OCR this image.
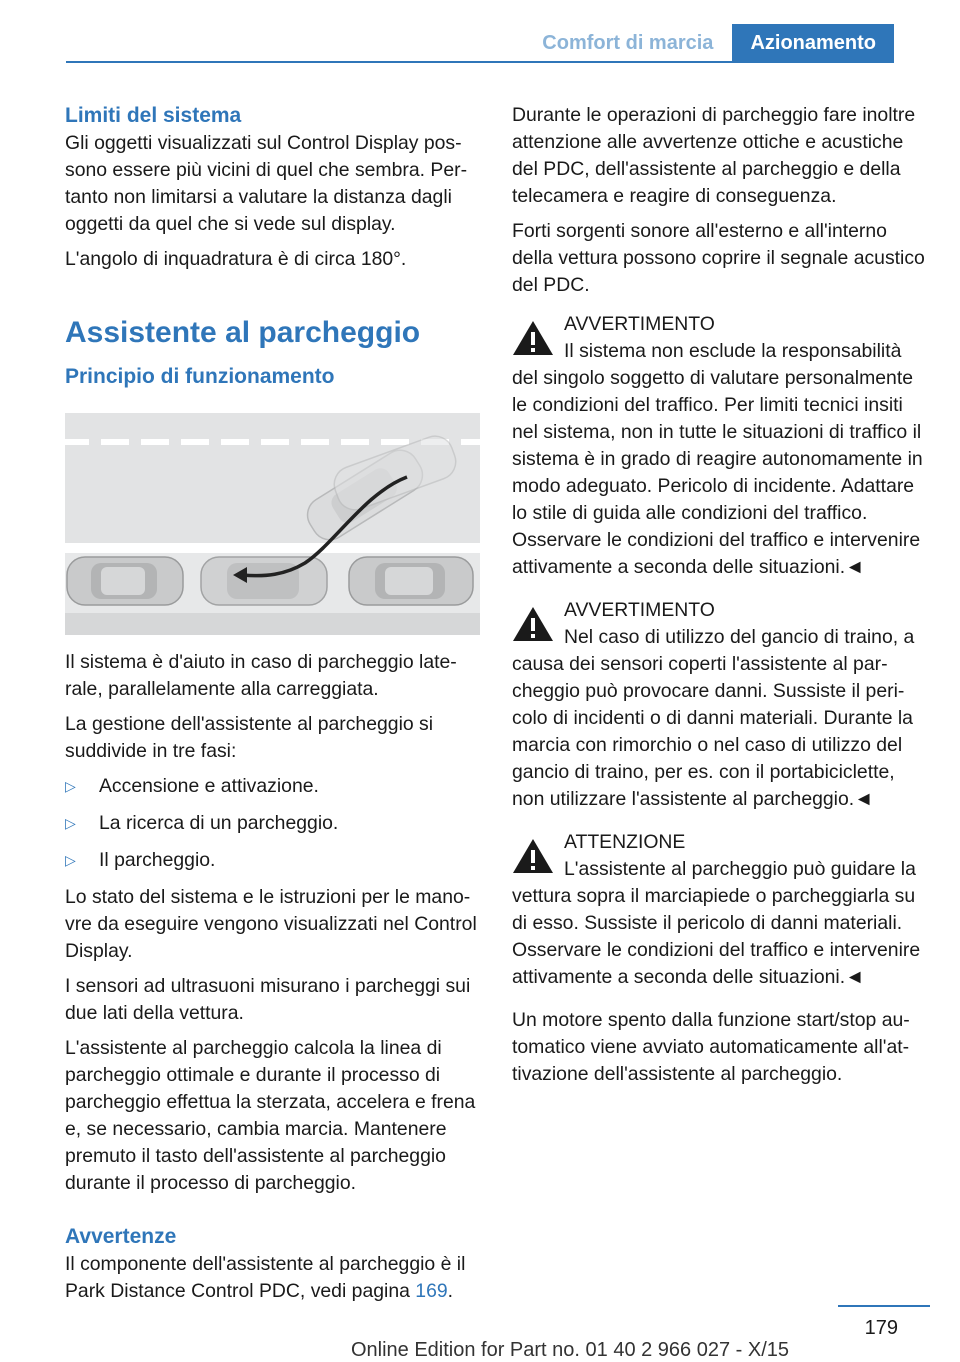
Comfort di marcia	Azionamento
Limiti del sistema

Gli oggetti visualizzati sul Control Display possono essere più vicini di quel che sembra. Pertanto non limitarsi a valutare la distanza dagli oggetti da quel che si vede sul display.

L'angolo di inquadratura è di circa 180°.

Assistente al parcheggio
Principio di funzionamento

Il sistema è d'aiuto in caso di parcheggio laterale, parallelamente alla carreggiata.

La gestione dell'assistente al parcheggio si suddivide in tre fasi:

▷	Accensione e attivazione.
▷	La ricerca di un parcheggio.
▷	Il parcheggio.

Lo stato del sistema e le istruzioni per le manovre da eseguire vengono visualizzati nel Control Display.

I sensori ad ultrasuoni misurano i parcheggi sui due lati della vettura.

L'assistente al parcheggio calcola la linea di parcheggio ottimale e durante il processo di parcheggio effettua la sterzata, accelera e frena e, se necessario, cambia marcia. Mantenere premuto il tasto dell'assistente al parcheggio durante il processo di parcheggio.

Avvertenze

Il componente dell'assistente al parcheggio è il Park Distance Control PDC, vedi pagina 169.

Durante le operazioni di parcheggio fare inoltre attenzione alle avvertenze ottiche e acustiche del PDC, dell'assistente al parcheggio e della telecamera e reagire di conseguenza.

Forti sorgenti sonore all'esterno e all'interno della vettura possono coprire il segnale acustico del PDC.

AVVERTIMENTO
Il sistema non esclude la responsabilità
del singolo soggetto di valutare personalmente le condizioni del traffico. Per limiti tecnici insiti nel sistema, non in tutte le situazioni di traffico il sistema è in grado di reagire autonomamente in modo adeguato. Pericolo di incidente. Adattare lo stile di guida alle condizioni del traffico. Osservare le condizioni del traffico e intervenire attivamente a seconda delle situazioni.◄
AVVERTIMENTO
Nel caso di utilizzo del gancio di traino, a
causa dei sensori coperti l'assistente al parcheggio può provocare danni. Sussiste il pericolo di incidenti o di danni materiali. Durante la marcia con rimorchio o nel caso di utilizzo del gancio di traino, per es. con il portabiciclette, non utilizzare l'assistente al parcheggio.◄
ATTENZIONE
L'assistente al parcheggio può guidare la
vettura sopra il marciapiede o parcheggiarla su di esso. Sussiste il pericolo di danni materiali. Osservare le condizioni del traffico e intervenire attivamente a seconda delle situazioni.◄

Un motore spento dalla funzione start/stop automatico viene avviato automaticamente all'attivazione dell'assistente al parcheggio.

179
Online Edition for Part no. 01 40 2 966 027 - X/15
